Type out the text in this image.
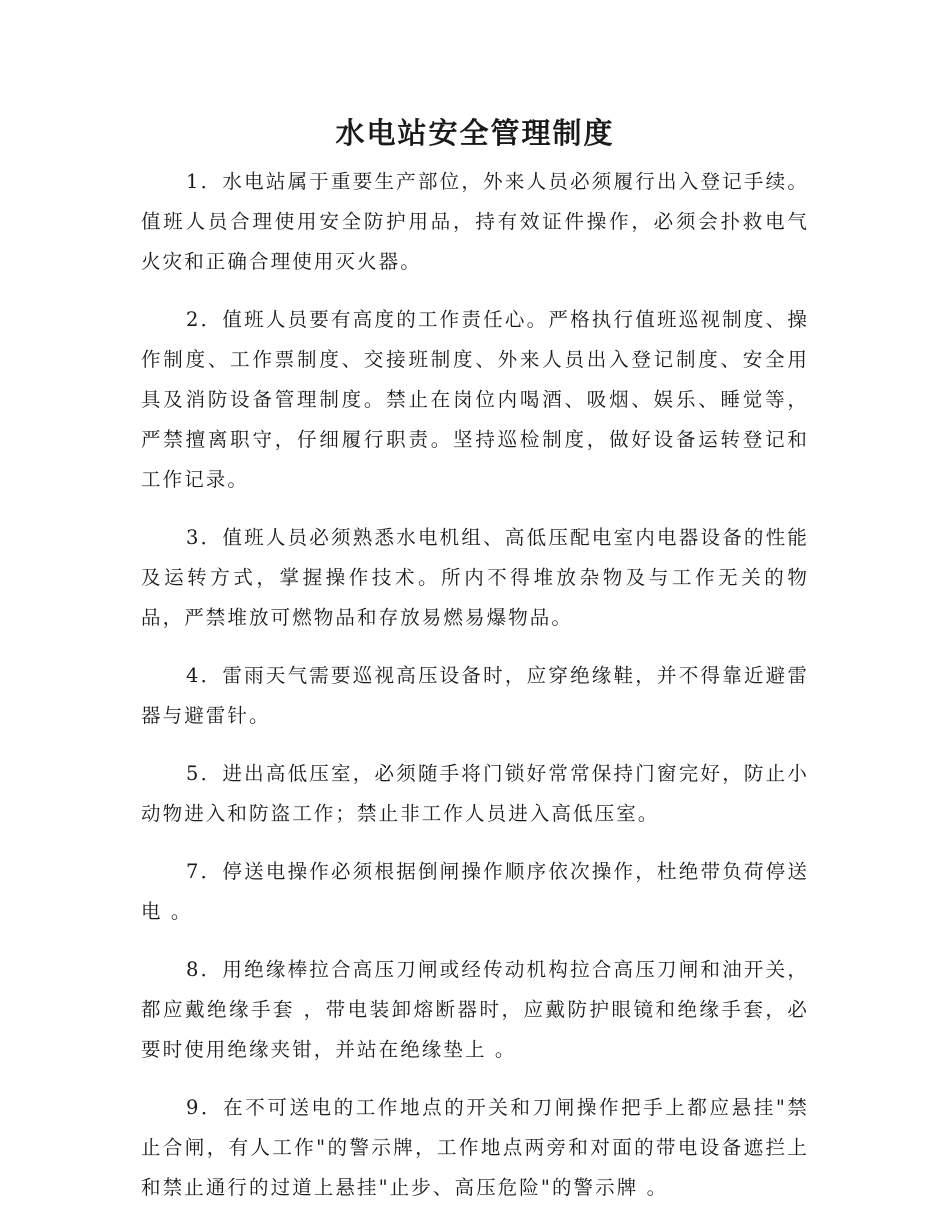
水电站安全管理制度

1．水电站属于重要生产部位，外来人员必须履行出入登记手续。值班人员合理使用安全防护用品，持有效证件操作，必须会扑救电气火灾和正确合理使用灭火器。

2．值班人员要有高度的工作责任心。严格执行值班巡视制度、操作制度、工作票制度、交接班制度、外来人员出入登记制度、安全用具及消防设备管理制度。禁止在岗位内喝酒、吸烟、娱乐、睡觉等，严禁擅离职守，仔细履行职责。坚持巡检制度，做好设备运转登记和工作记录。

3．值班人员必须熟悉水电机组、高低压配电室内电器设备的性能及运转方式，掌握操作技术。所内不得堆放杂物及与工作无关的物品，严禁堆放可燃物品和存放易燃易爆物品。

4．雷雨天气需要巡视高压设备时，应穿绝缘鞋，并不得靠近避雷器与避雷针。

5．进出高低压室，必须随手将门锁好常常保持门窗完好，防止小动物进入和防盗工作；禁止非工作人员进入高低压室。

7．停送电操作必须根据倒闸操作顺序依次操作，杜绝带负荷停送电 。

8．用绝缘棒拉合高压刀闸或经传动机构拉合高压刀闸和油开关，都应戴绝缘手套 ，带电装卸熔断器时，应戴防护眼镜和绝缘手套，必要时使用绝缘夹钳，并站在绝缘垫上 。

9．在不可送电的工作地点的开关和刀闸操作把手上都应悬挂"禁止合闸，有人工作"的警示牌，工作地点两旁和对面的带电设备遮拦上和禁止通行的过道上悬挂"止步、高压危险"的警示牌 。
